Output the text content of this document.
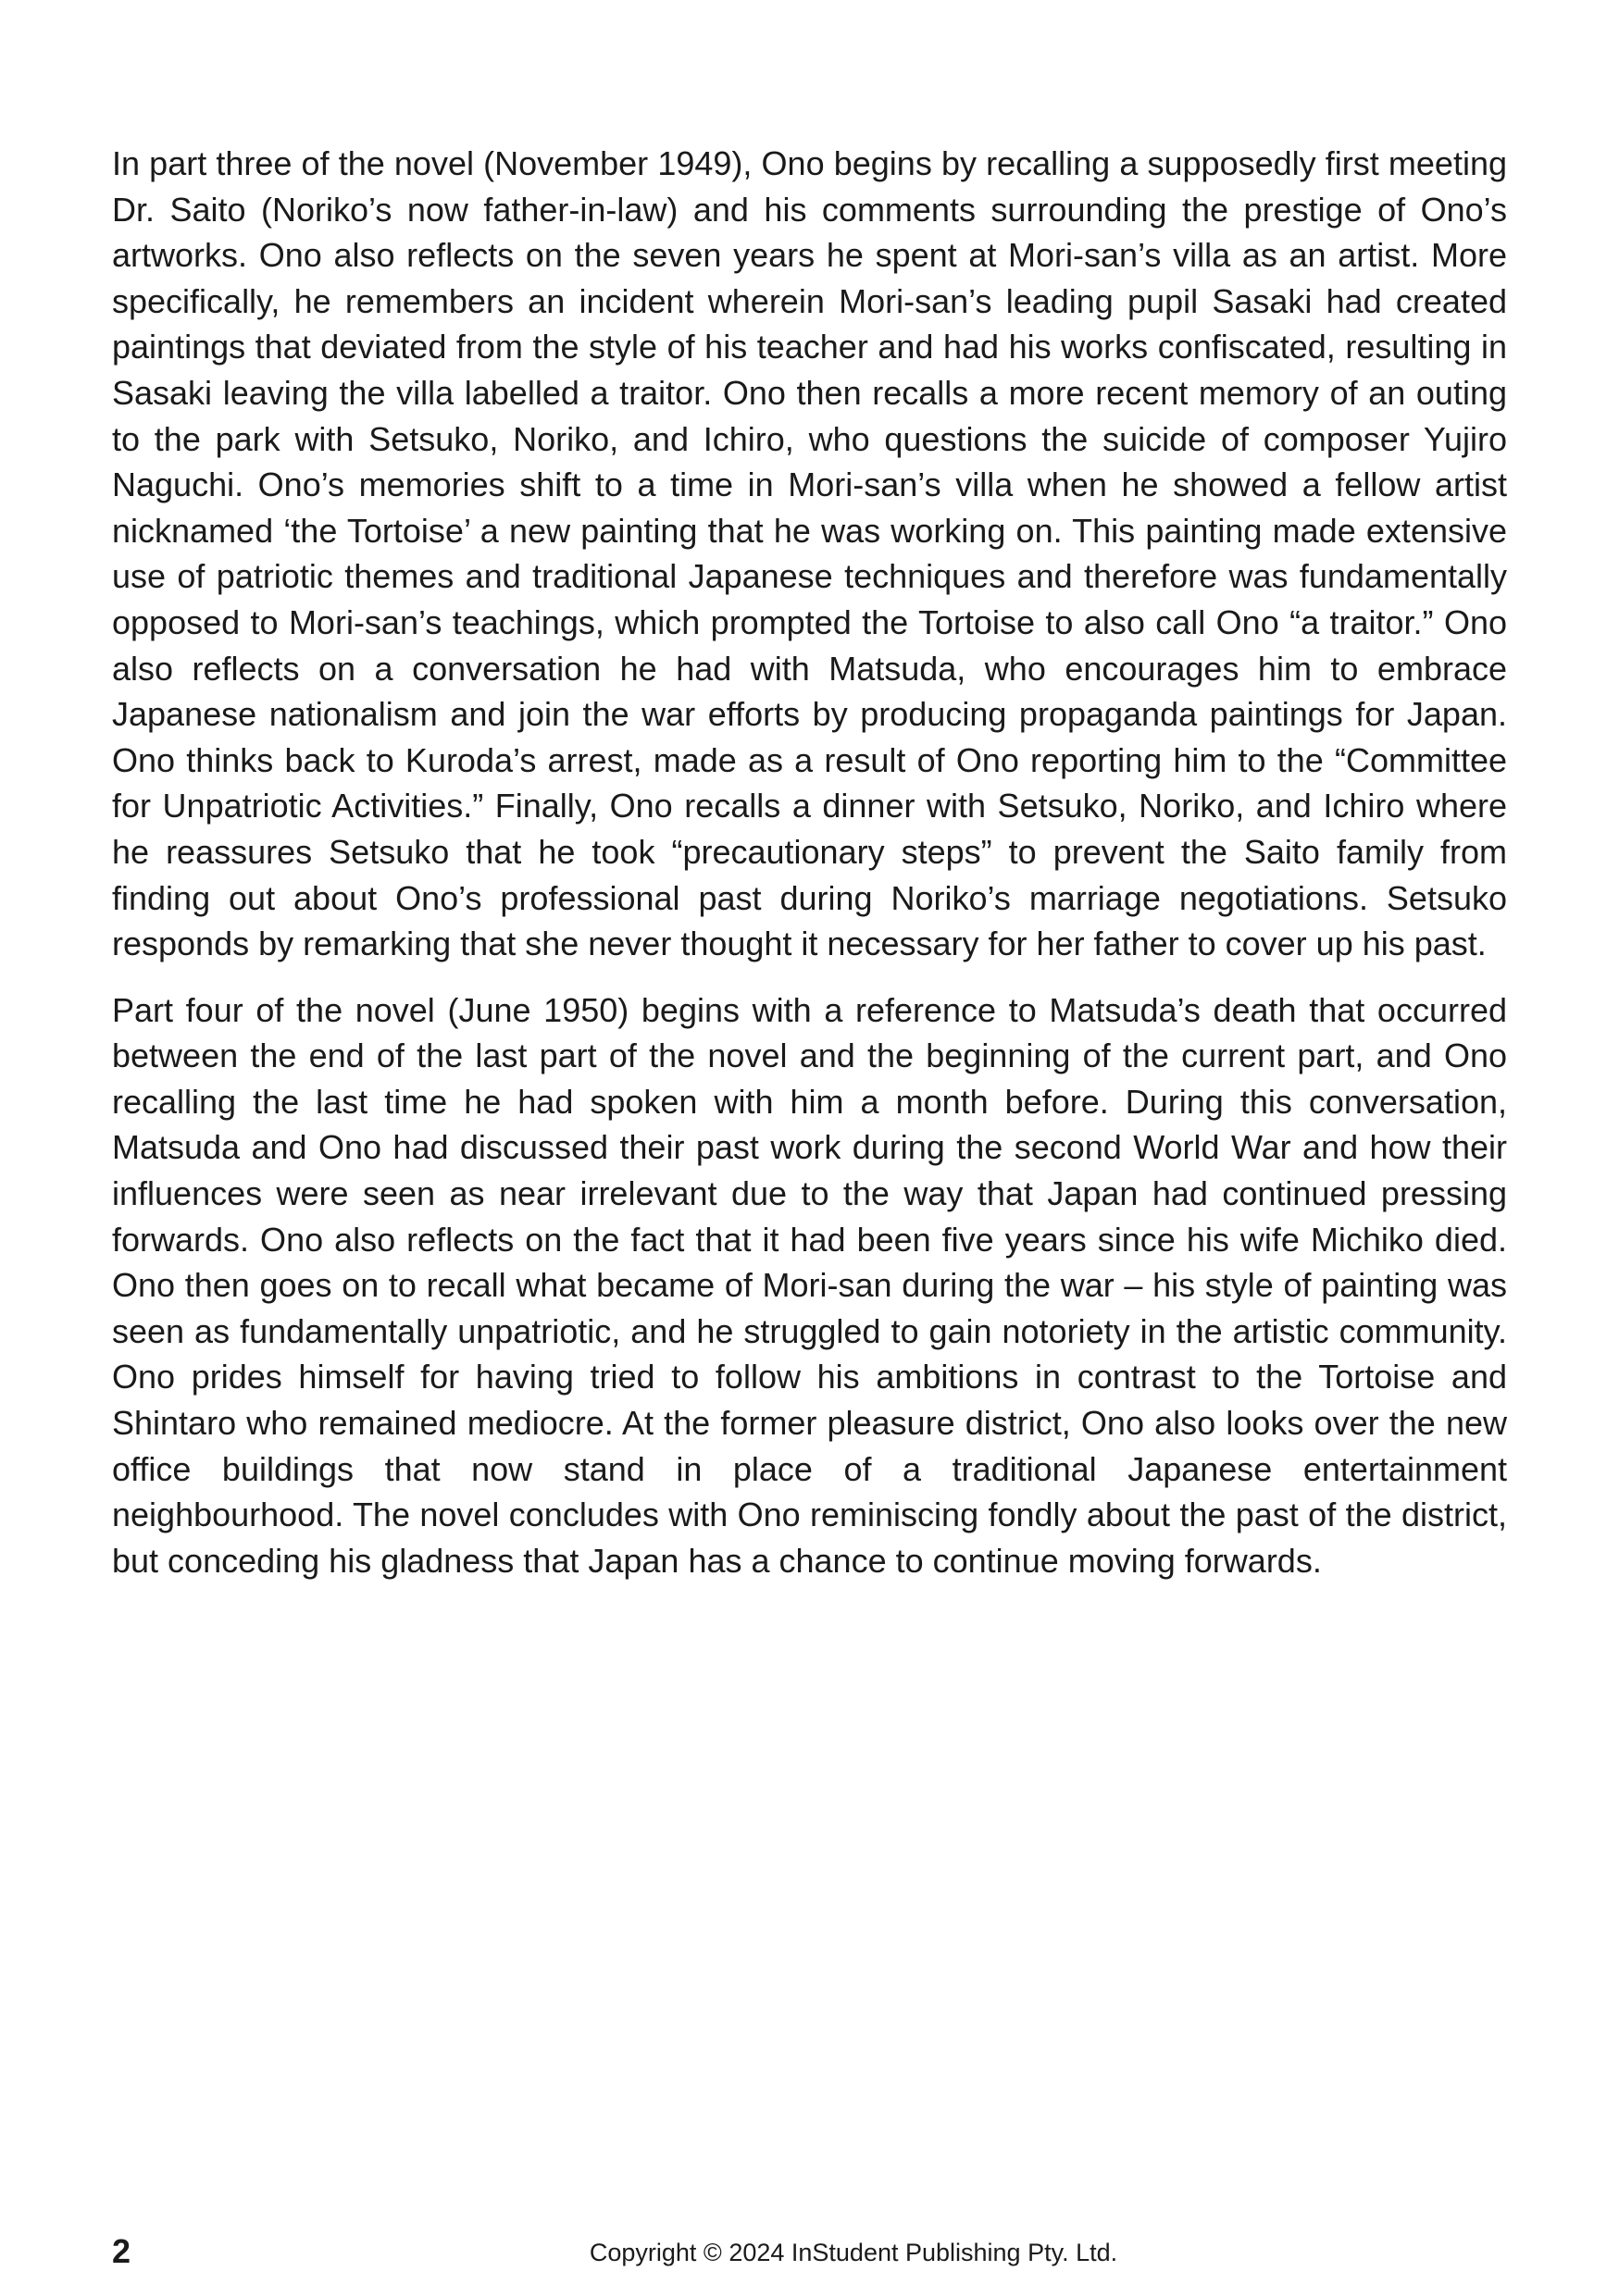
In part three of the novel (November 1949), Ono begins by recalling a supposedly first meeting Dr. Saito (Noriko’s now father-in-law) and his comments surrounding the prestige of Ono’s artworks. Ono also reflects on the seven years he spent at Mori-san’s villa as an artist. More specifically, he remembers an incident wherein Mori-san’s leading pupil Sasaki had created paintings that deviated from the style of his teacher and had his works confiscated, resulting in Sasaki leaving the villa labelled a traitor. Ono then recalls a more recent memory of an outing to the park with Setsuko, Noriko, and Ichiro, who questions the suicide of composer Yujiro Naguchi. Ono’s memories shift to a time in Mori-san’s villa when he showed a fellow artist nicknamed ‘the Tortoise’ a new painting that he was working on. This painting made extensive use of patriotic themes and traditional Japanese techniques and therefore was fundamentally opposed to Mori-san’s teachings, which prompted the Tortoise to also call Ono “a traitor.” Ono also reflects on a conversation he had with Matsuda, who encourages him to embrace Japanese nationalism and join the war efforts by producing propaganda paintings for Japan. Ono thinks back to Kuroda’s arrest, made as a result of Ono reporting him to the “Committee for Unpatriotic Activities.” Finally, Ono recalls a dinner with Setsuko, Noriko, and Ichiro where he reassures Setsuko that he took “precautionary steps” to prevent the Saito family from finding out about Ono’s professional past during Noriko’s marriage negotiations. Setsuko responds by remarking that she never thought it necessary for her father to cover up his past.

Part four of the novel (June 1950) begins with a reference to Matsuda’s death that occurred between the end of the last part of the novel and the beginning of the current part, and Ono recalling the last time he had spoken with him a month before. During this conversation, Matsuda and Ono had discussed their past work during the second World War and how their influences were seen as near irrelevant due to the way that Japan had continued pressing forwards. Ono also reflects on the fact that it had been five years since his wife Michiko died. Ono then goes on to recall what became of Mori-san during the war – his style of painting was seen as fundamentally unpatriotic, and he struggled to gain notoriety in the artistic community. Ono prides himself for having tried to follow his ambitions in contrast to the Tortoise and Shintaro who remained mediocre. At the former pleasure district, Ono also looks over the new office buildings that now stand in place of a traditional Japanese entertainment neighbourhood. The novel concludes with Ono reminiscing fondly about the past of the district, but conceding his gladness that Japan has a chance to continue moving forwards.

2	Copyright © 2024 InStudent Publishing Pty. Ltd.
